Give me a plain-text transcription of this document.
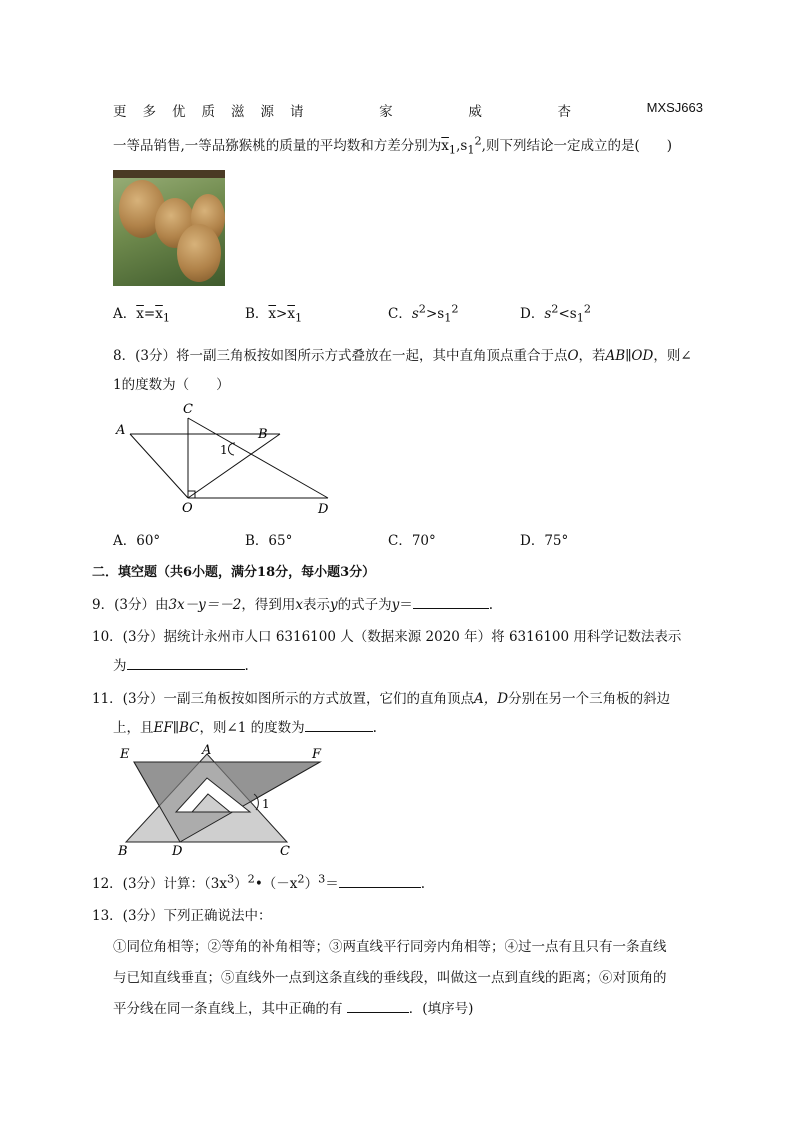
更 多 优 质 滋 源 请	家	威	杏	MXSJ663
一等品销售,一等品猕猴桃的质量的平均数和方差分别为$\overline{x}_1,s_1^2$,则下列结论一定成立的是(　　)
A．$\overline{x}=\overline{x}_1$	B．$\overline{x}>\overline{x}_1$	C．$s^2>s_1^2$	D．$s^2<s_1^2$
8．(3分）将一副三角板按如图所示方式叠放在一起，其中直角顶点重合于点O，若AB∥OD，则∠
1的度数为（　　）
A	B
C
1
O	D
A．60°	B．65°	C．70°	D．75°
二．填空题（共6小题，满分18分，每小题3分）
9．(3分）由3x－y＝－2，得到用x表示y的式子为y＝	.
10．(3分）据统计永州市人口 6316100 人（数据来源 2020 年）将 6316100 用科学记数法表示
为	.
11．(3分）一副三角板按如图所示的方式放置，它们的直角顶点A，D分别在另一个三角板的斜边
上，且EF∥BC，则∠1 的度数为	.
E	A	F
1
B	D	C
12．(3分）计算：$(3x^3)^2•(-x^2)^3=$	.
13．(3分）下列正确说法中：
①同位角相等；②等角的补角相等；③两直线平行同旁内角相等；④过一点有且只有一条直线
与已知直线垂直；⑤直线外一点到这条直线的垂线段，叫做这一点到直线的距离；⑥对顶角的
平分线在同一条直线上，其中正确的有	．(填序号)
